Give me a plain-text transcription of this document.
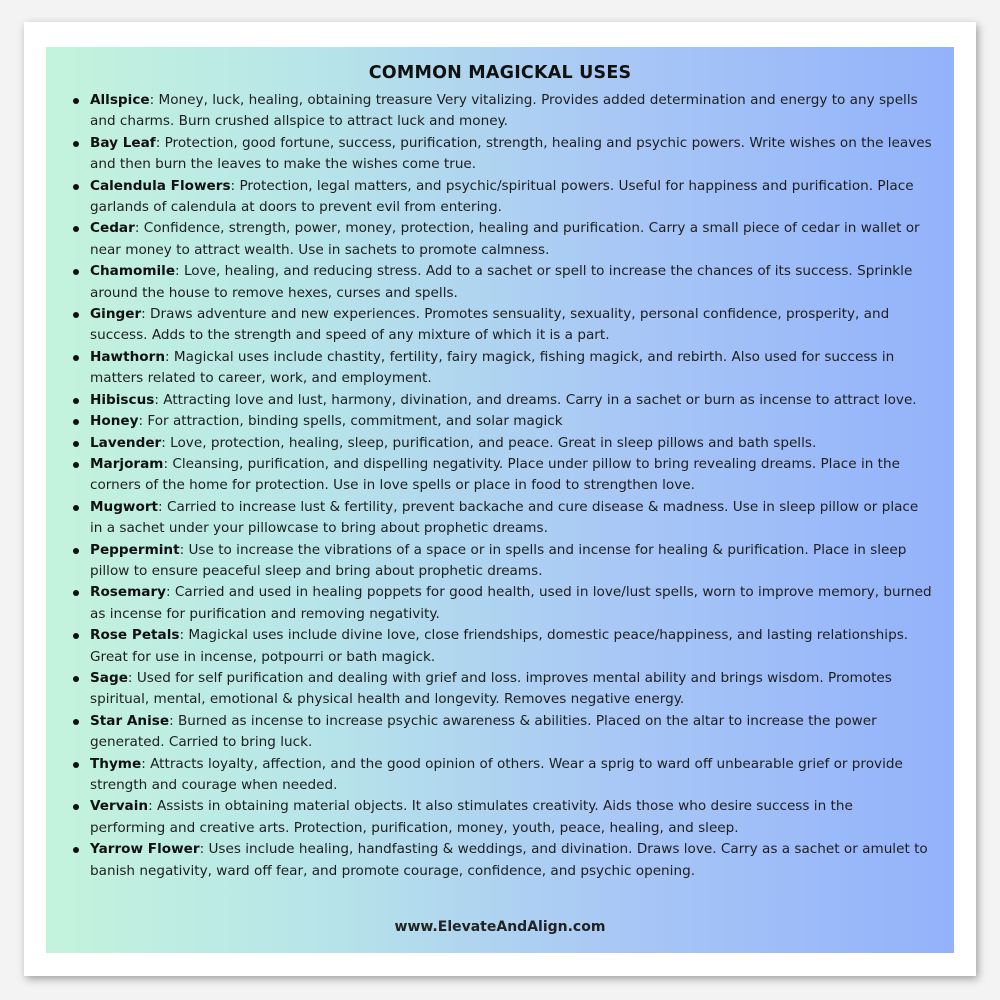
COMMON MAGICKAL USES
Allspice: Money, luck, healing, obtaining treasure Very vitalizing. Provides added determination and energy to any spells and charms. Burn crushed allspice to attract luck and money.
Bay Leaf: Protection, good fortune, success, purification, strength, healing and psychic powers. Write wishes on the leaves and then burn the leaves to make the wishes come true.
Calendula Flowers: Protection, legal matters, and psychic/spiritual powers. Useful for happiness and purification. Place garlands of calendula at doors to prevent evil from entering.
Cedar: Confidence, strength, power, money, protection, healing and purification. Carry a small piece of cedar in wallet or near money to attract wealth. Use in sachets to promote calmness.
Chamomile: Love, healing, and reducing stress. Add to a sachet or spell to increase the chances of its success. Sprinkle around the house to remove hexes, curses and spells.
Ginger: Draws adventure and new experiences. Promotes sensuality, sexuality, personal confidence, prosperity, and success. Adds to the strength and speed of any mixture of which it is a part.
Hawthorn: Magickal uses include chastity, fertility, fairy magick, fishing magick, and rebirth. Also used for success in matters related to career, work, and employment.
Hibiscus: Attracting love and lust, harmony, divination, and dreams. Carry in a sachet or burn as incense to attract love.
Honey: For attraction, binding spells, commitment, and solar magick
Lavender: Love, protection, healing, sleep, purification, and peace. Great in sleep pillows and bath spells.
Marjoram: Cleansing, purification, and dispelling negativity. Place under pillow to bring revealing dreams. Place in the corners of the home for protection. Use in love spells or place in food to strengthen love.
Mugwort: Carried to increase lust & fertility, prevent backache and cure disease & madness. Use in sleep pillow or place in a sachet under your pillowcase to bring about prophetic dreams.
Peppermint: Use to increase the vibrations of a space or in spells and incense for healing & purification. Place in sleep pillow to ensure peaceful sleep and bring about prophetic dreams.
Rosemary: Carried and used in healing poppets for good health, used in love/lust spells, worn to improve memory, burned as incense for purification and removing negativity.
Rose Petals: Magickal uses include divine love, close friendships, domestic peace/happiness, and lasting relationships. Great for use in incense, potpourri or bath magick.
Sage: Used for self purification and dealing with grief and loss. improves mental ability and brings wisdom. Promotes spiritual, mental, emotional & physical health and longevity. Removes negative energy.
Star Anise: Burned as incense to increase psychic awareness & abilities. Placed on the altar to increase the power generated. Carried to bring luck.
Thyme: Attracts loyalty, affection, and the good opinion of others. Wear a sprig to ward off unbearable grief or provide strength and courage when needed.
Vervain: Assists in obtaining material objects. It also stimulates creativity. Aids those who desire success in the performing and creative arts. Protection, purification, money, youth, peace, healing, and sleep.
Yarrow Flower: Uses include healing, handfasting & weddings, and divination. Draws love. Carry as a sachet or amulet to banish negativity, ward off fear, and promote courage, confidence, and psychic opening.
www.ElevateAndAlign.com
